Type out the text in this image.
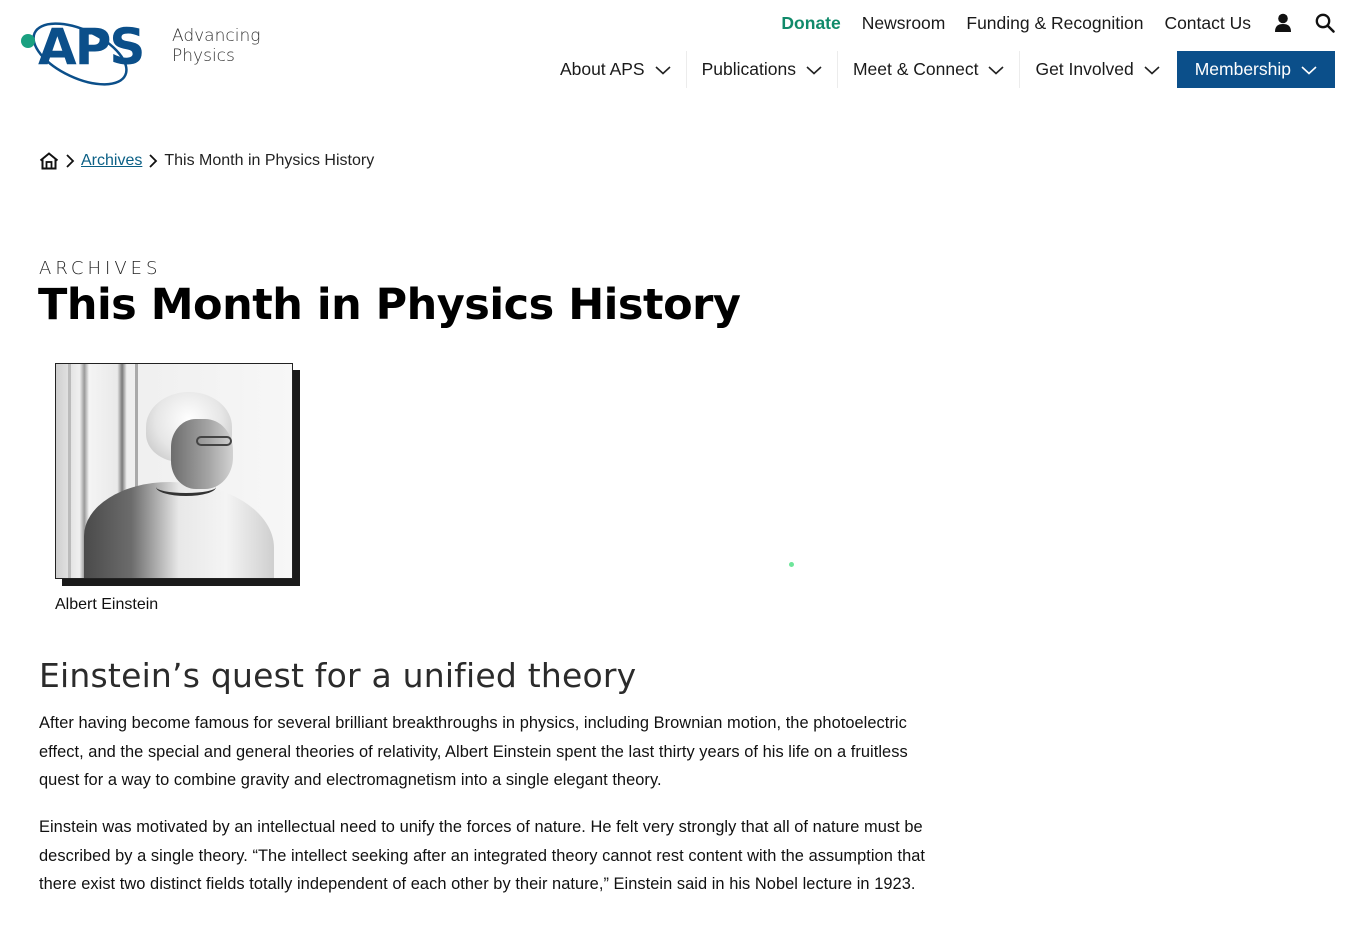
APS Advancing
Physics
Donate Newsroom Funding & Recognition Contact Us
About APS	Publications	Meet & Connect	Get Involved	Membership
Archives This Month in Physics History
ARCHIVES
This Month in Physics History
Albert Einstein
Einstein’s quest for a unified theory

After having become famous for several brilliant breakthroughs in physics, including Brownian motion, the photoelectric effect, and the special and general theories of relativity, Albert Einstein spent the last thirty years of his life on a fruitless quest for a way to combine gravity and electromagnetism into a single elegant theory.

Einstein was motivated by an intellectual need to unify the forces of nature. He felt very strongly that all of nature must be described by a single theory. “The intellect seeking after an integrated theory cannot rest content with the assumption that there exist two distinct fields totally independent of each other by their nature,” Einstein said in his Nobel lecture in 1923.
